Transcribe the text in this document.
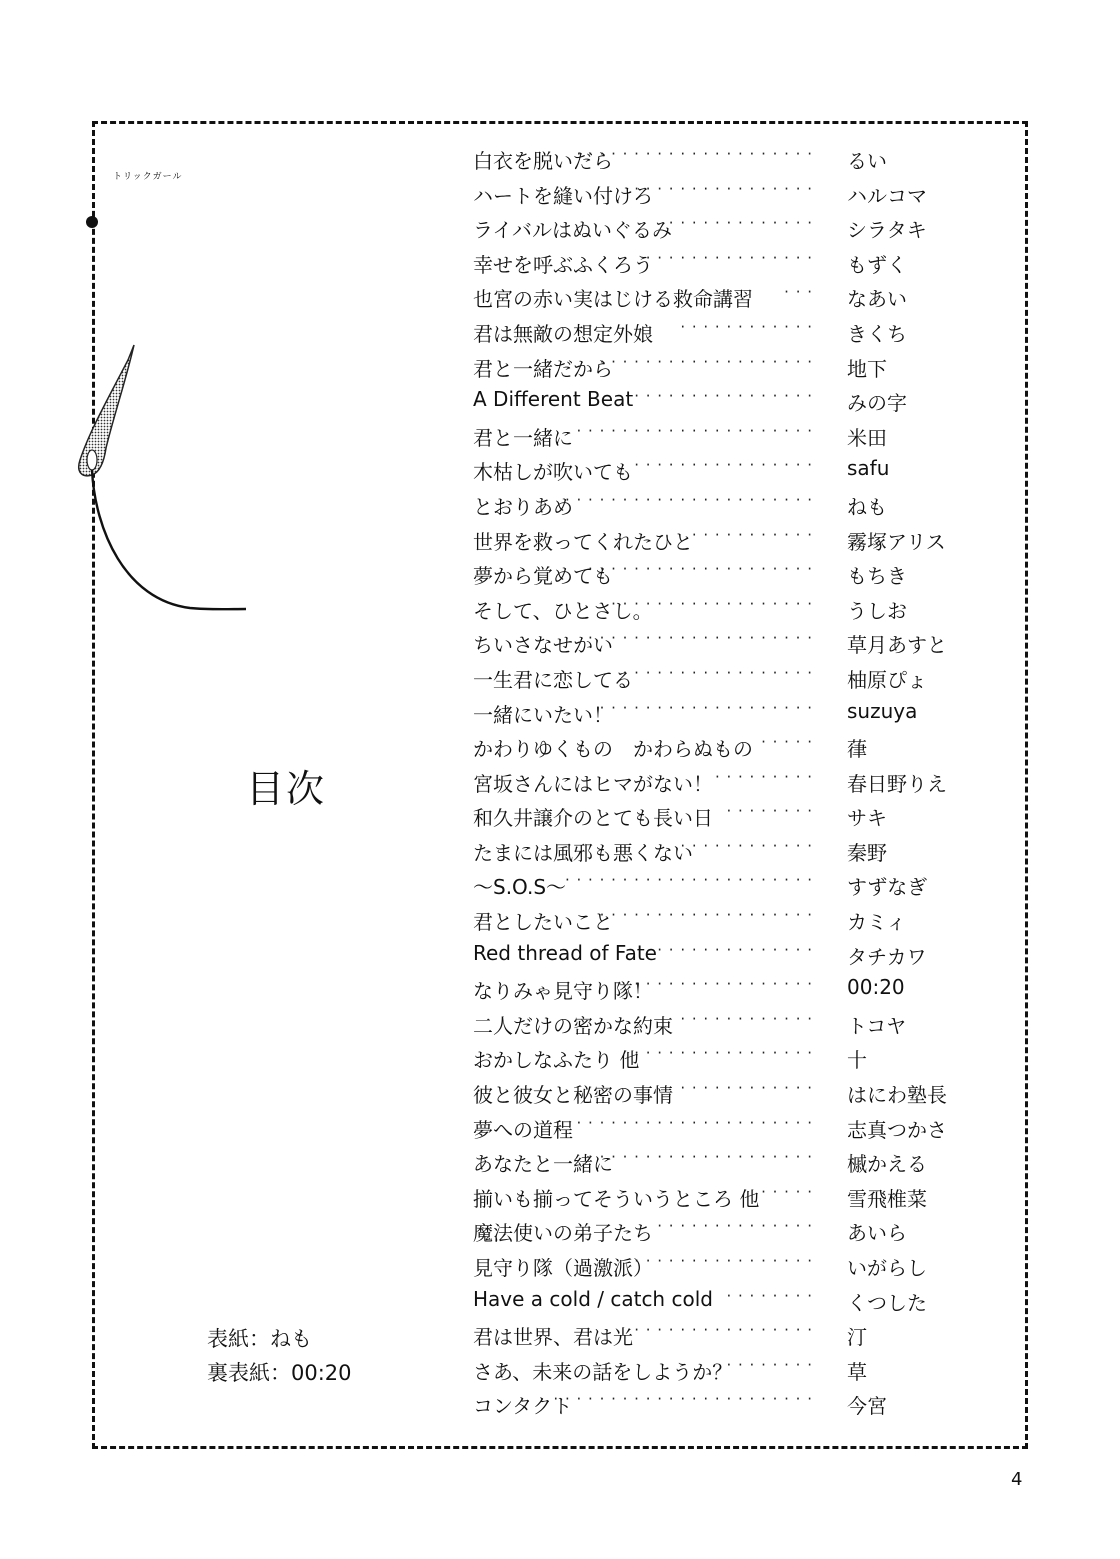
目次
トリックガール
表紙：ねも
裏表紙：00:20
白衣を脱いだら
· · · · · · · · · · · · · · · · · · · · · るい
ハートを縫い付けろ
· · · · · · · · · · · · · · · · ハルコマ
ライバルはぬいぐるみ
· · · · · · · · · · · · · シラタキ
幸せを呼ぶふくろう
· · · · · · · · · · · · · · · もずく
也宮の赤い実はじける救命講習 · · · なあい
君は無敵の想定外娘 · · · · · · · · · · · · きくち
君と一緒だから
· · · · · · · · · · · · · · · · · · · 地下
A Different Beat · · · · · · · · · · · · · · · · みの字
君と一緒に · · · · · · · · · · · · · · · · · · · · · 米田
木枯しが吹いても · · · · · · · · · · · · · · · · safu
とおりあめ
· · · · · · · · · · · · · · · · · · · · · · ねも
世界を救ってくれたひと
· · · · · · · · · · · 霧塚アリス
夢から覚めても
· · · · · · · · · · · · · · · · · · · · もちき
そして、ひとさし。
· · · · · · · · · · · · · · · · · · うしお
ちいさなせかい
· · · · · · · · · · · · · · · · · · · · 草月あすと
一生君に恋してる
· · · · · · · · · · · · · · · · · 柚原ぴょ
一緒にいたい！
· · · · · · · · · · · · · · · · · · · suzuya
かわりゆくもの　かわらぬもの · · · · · 葎
宮坂さんにはヒマがない！ · · · · · · · · · 春日野りえ
和久井譲介のとても長い日 · · · · · · · · サキ
たまには風邪も悪くない
· · · · · · · · · · · · 秦野
〜S.O.S〜
· · · · · · · · · · · · · · · · · · · · · · すずなぎ
君としたいこと
· · · · · · · · · · · · · · · · · · · カミィ
Red thread of Fate · · · · · · · · · · · · · · タチカワ
なりみゃ見守り隊！
· · · · · · · · · · · · · · · · 00:20
二人だけの密かな約束 · · · · · · · · · · · · トコヤ
おかしなふたり 他
· · · · · · · · · · · · · · · · 十
彼と彼女と秘密の事情 · · · · · · · · · · · · はにわ塾長
夢への道程 · · · · · · · · · · · · · · · · · · · · · 志真つかさ
あなたと一緒に
· · · · · · · · · · · · · · · · · · · · 槭かえる
揃いも揃ってそういうところ 他 · · · · · 雪飛椎菜
魔法使いの弟子たち · · · · · · · · · · · · · · あいら
見守り隊（過激派）
· · · · · · · · · · · · · · · · いがらし
Have a cold / catch cold · · · · · · · · くつした
君は世界、君は光 · · · · · · · · · · · · · · · · 汀
さあ、未来の話をしようか？
· · · · · · · · 草
コンタクト
· · · · · · · · · · · · · · · · · · · · · · · 今宮
4
